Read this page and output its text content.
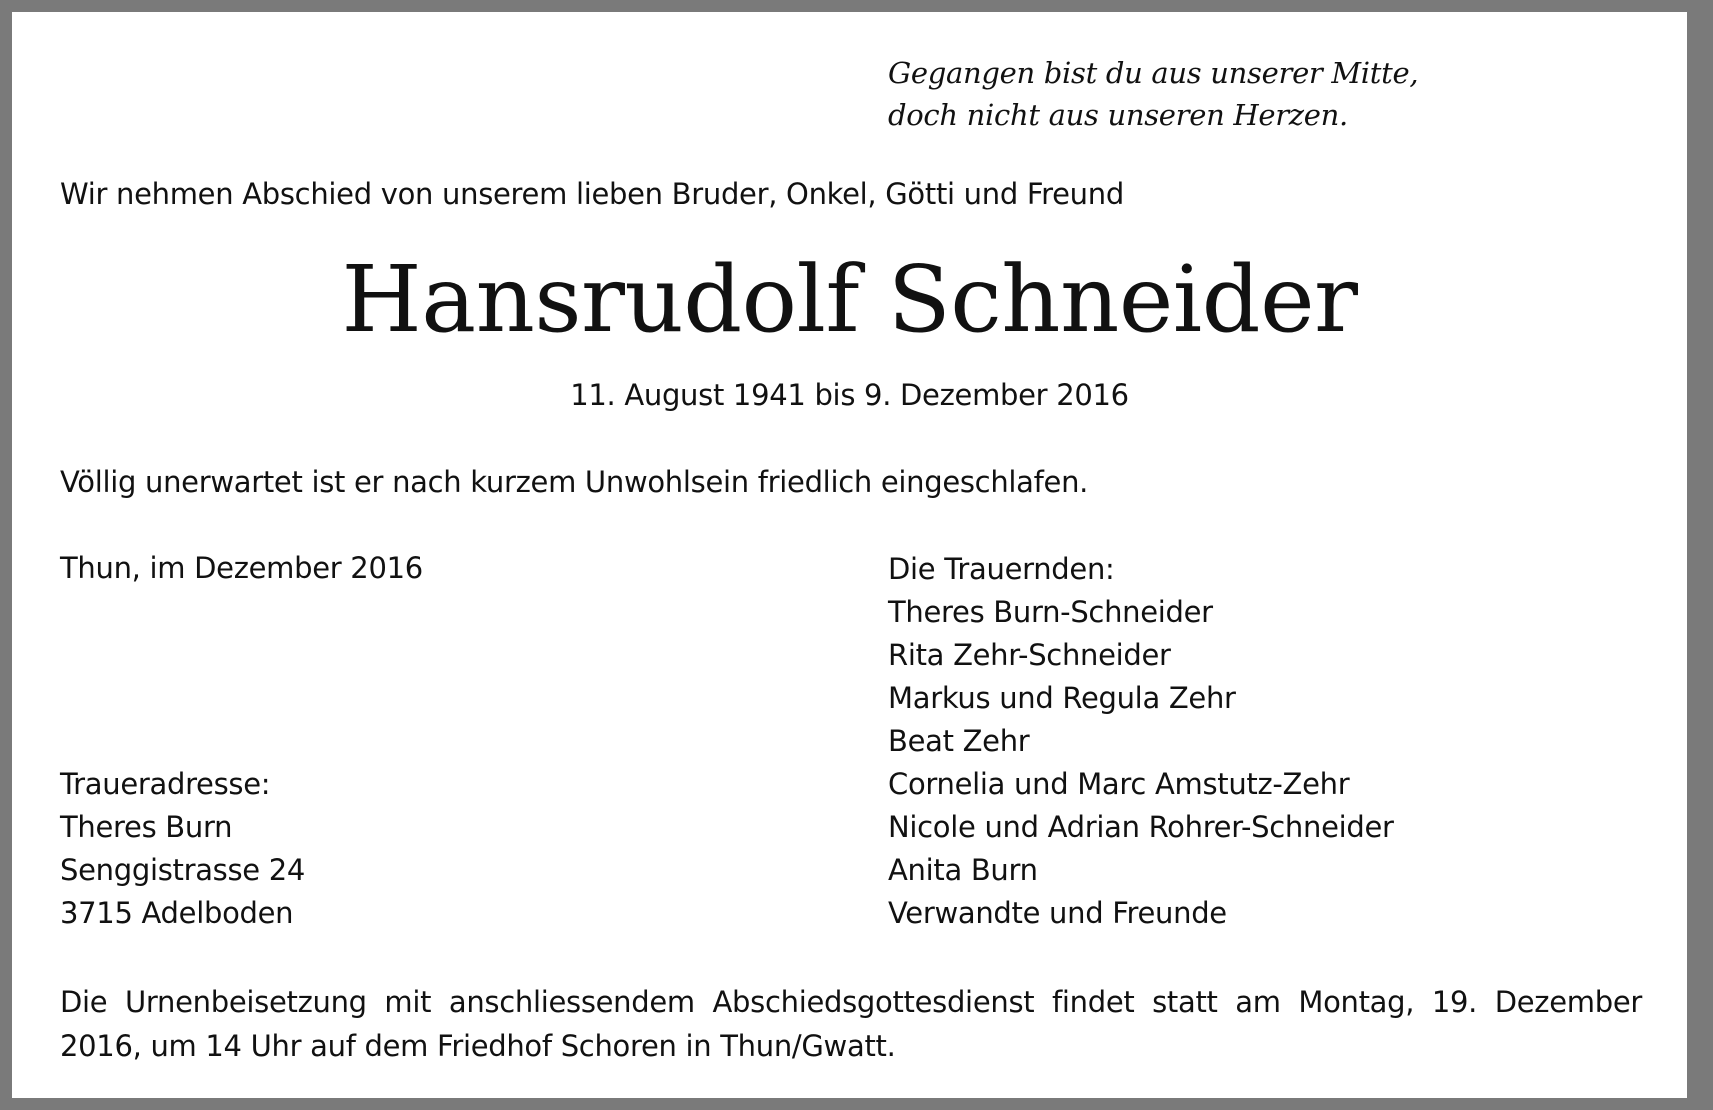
Gegangen bist du aus unserer Mitte,
doch nicht aus unseren Herzen.
Wir nehmen Abschied von unserem lieben Bruder, Onkel, Götti und Freund
Hansrudolf Schneider
11. August 1941 bis 9. Dezember 2016
Völlig unerwartet ist er nach kurzem Unwohlsein friedlich eingeschlafen.
Thun, im Dezember 2016
Traueradresse:
Theres Burn
Senggistrasse 24
3715 Adelboden
Die Trauernden:
Theres Burn-Schneider
Rita Zehr-Schneider
Markus und Regula Zehr
Beat Zehr
Cornelia und Marc Amstutz-Zehr
Nicole und Adrian Rohrer-Schneider
Anita Burn
Verwandte und Freunde
Die Urnenbeisetzung mit anschliessendem Abschiedsgottesdienst findet statt am Montag, 19. Dezember
2016, um 14 Uhr auf dem Friedhof Schoren in Thun/Gwatt.
